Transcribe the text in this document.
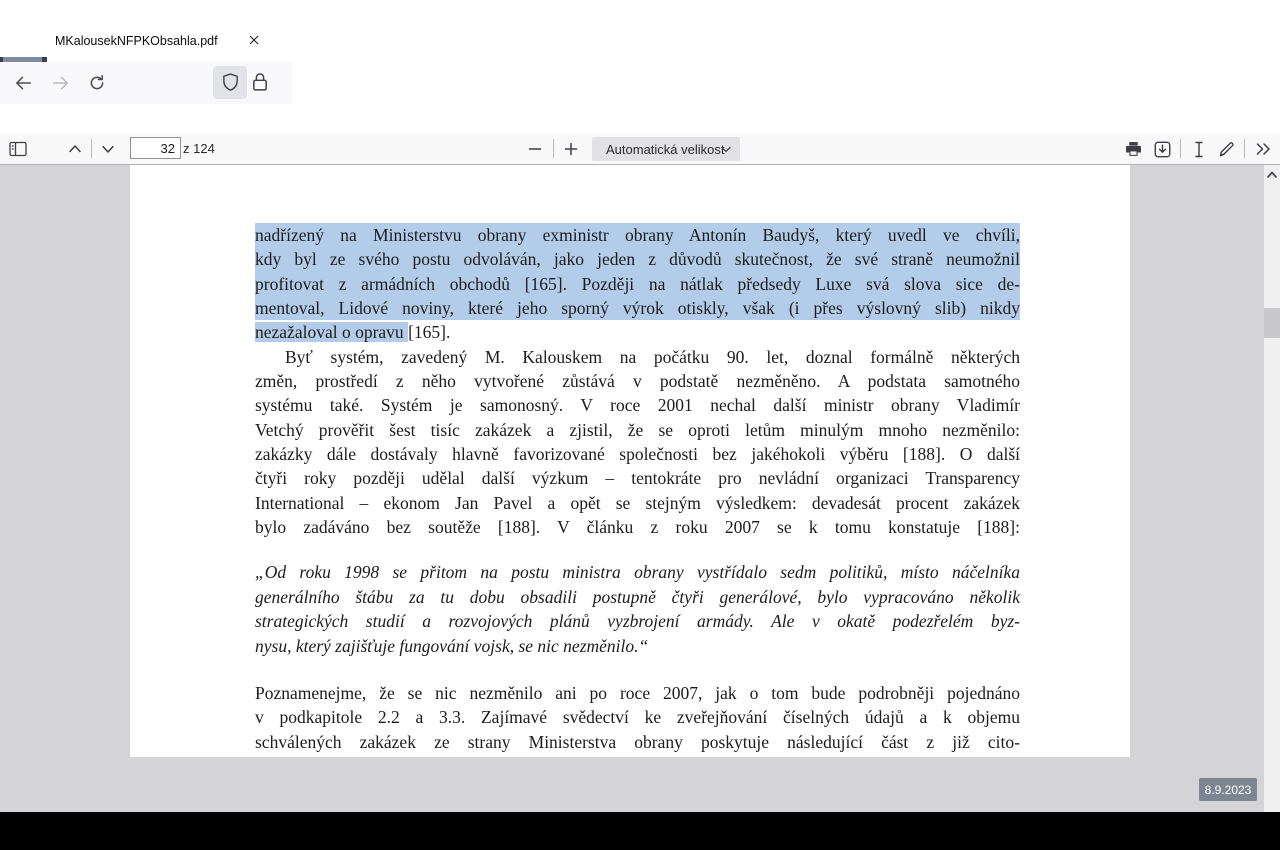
MKalousekNFPKObsahla.pdf
32
z 124	Automatická velikost
nadřízený na Ministerstvu obrany exministr obrany Antonín Baudyš, který uvedl ve chvíli,
kdy byl ze svého postu odvoláván, jako jeden z důvodů skutečnost, že své straně neumožnil
profitovat z armádních obchodů [165]. Později na nátlak předsedy Luxe svá slova sice de-
mentoval, Lidové noviny, které jeho sporný výrok otiskly, však (i přes výslovný slib) nikdy
nezažaloval o opravu [165].
Byť systém, zavedený M. Kalouskem na počátku 90. let, doznal formálně některých
změn, prostředí z něho vytvořené zůstává v podstatě nezměněno. A podstata samotného
systému také. Systém je samonosný. V roce 2001 nechal další ministr obrany Vladimír
Vetchý prověřit šest tisíc zakázek a zjistil, že se oproti letům minulým mnoho nezměnilo:
zakázky dále dostávaly hlavně favorizované společnosti bez jakéhokoli výběru [188]. O další
čtyři roky později udělal další výzkum – tentokráte pro nevládní organizaci Transparency
International – ekonom Jan Pavel a opět se stejným výsledkem: devadesát procent zakázek
bylo zadáváno bez soutěže [188]. V článku z roku 2007 se k tomu konstatuje [188]:
„Od roku 1998 se přitom na postu ministra obrany vystřídalo sedm politiků, místo náčelníka
generálního štábu za tu dobu obsadili postupně čtyři generálové, bylo vypracováno několik
strategických studií a rozvojových plánů vyzbrojení armády. Ale v okatě podezřelém byz-
nysu, který zajišťuje fungování vojsk, se nic nezměnilo.“
Poznamenejme, že se nic nezměnilo ani po roce 2007, jak o tom bude podrobněji pojednáno
v podkapitole 2.2 a 3.3. Zajímavé svědectví ke zveřejňování číselných údajů a k objemu
schválených zakázek ze strany Ministerstva obrany poskytuje následující část z již cito-
8.9.2023
